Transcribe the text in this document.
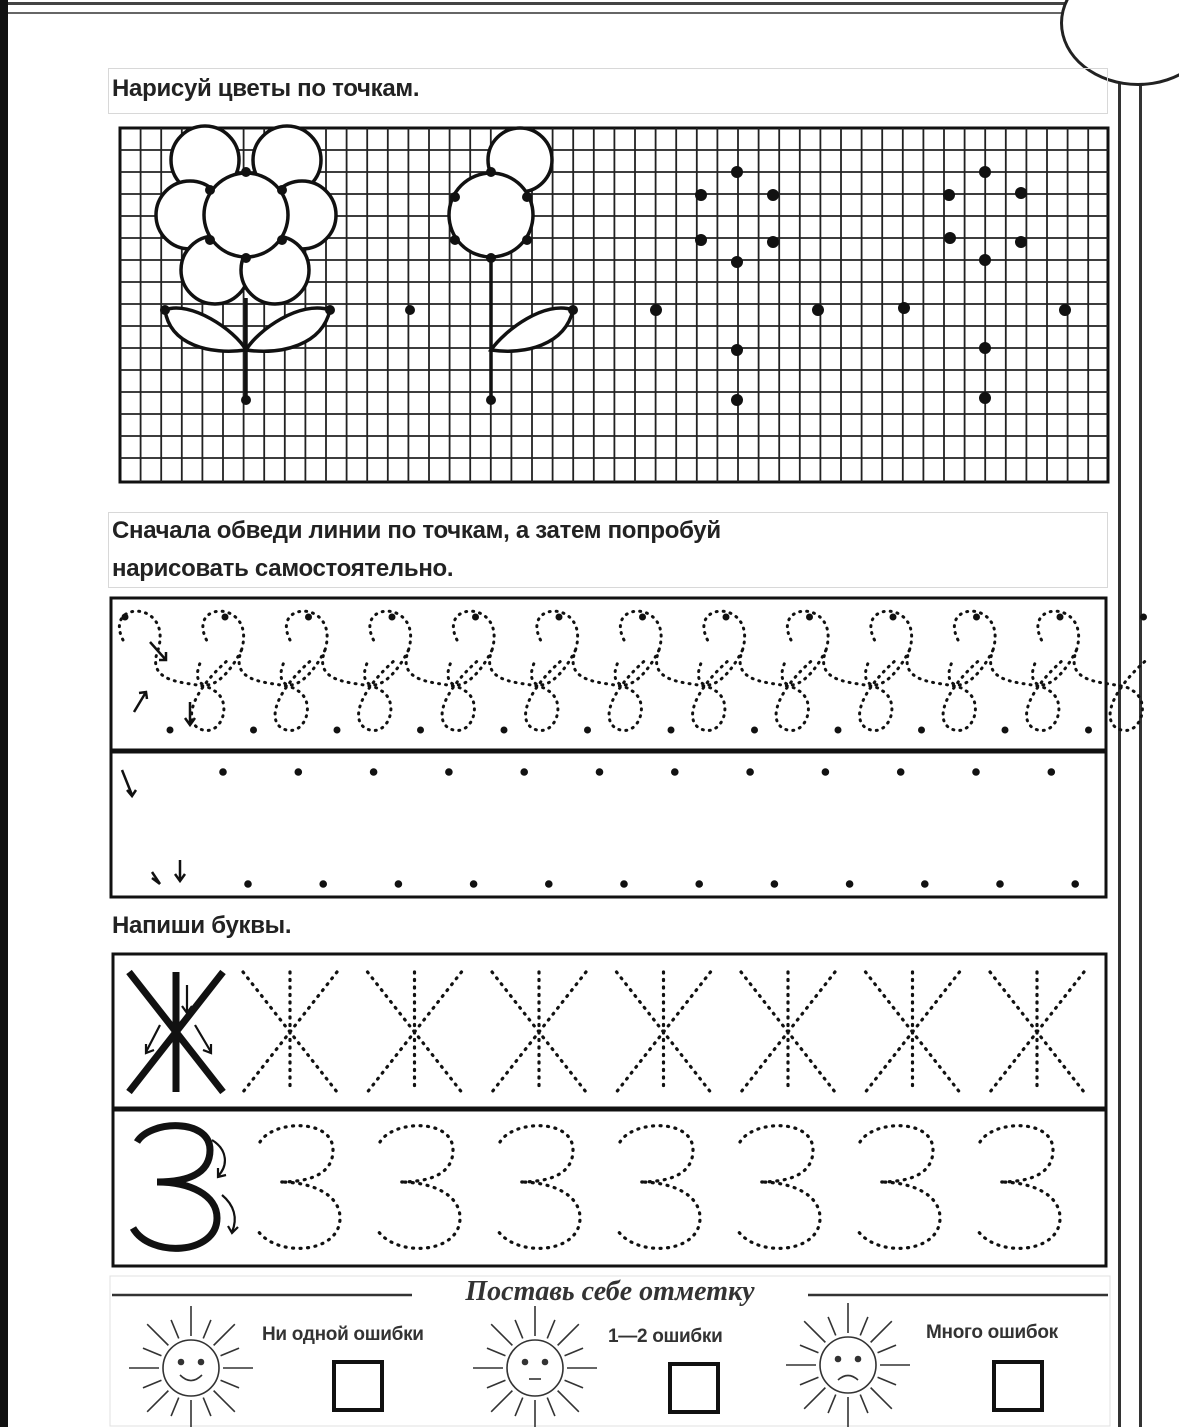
Нарисуй цветы по точкам.
Сначала обведи линии по точкам, а затем попробуй
нарисовать самостоятельно.
Напиши буквы.
Поставь себе отметку
Ни одной ошибки	1—2 ошибки	Много ошибок
